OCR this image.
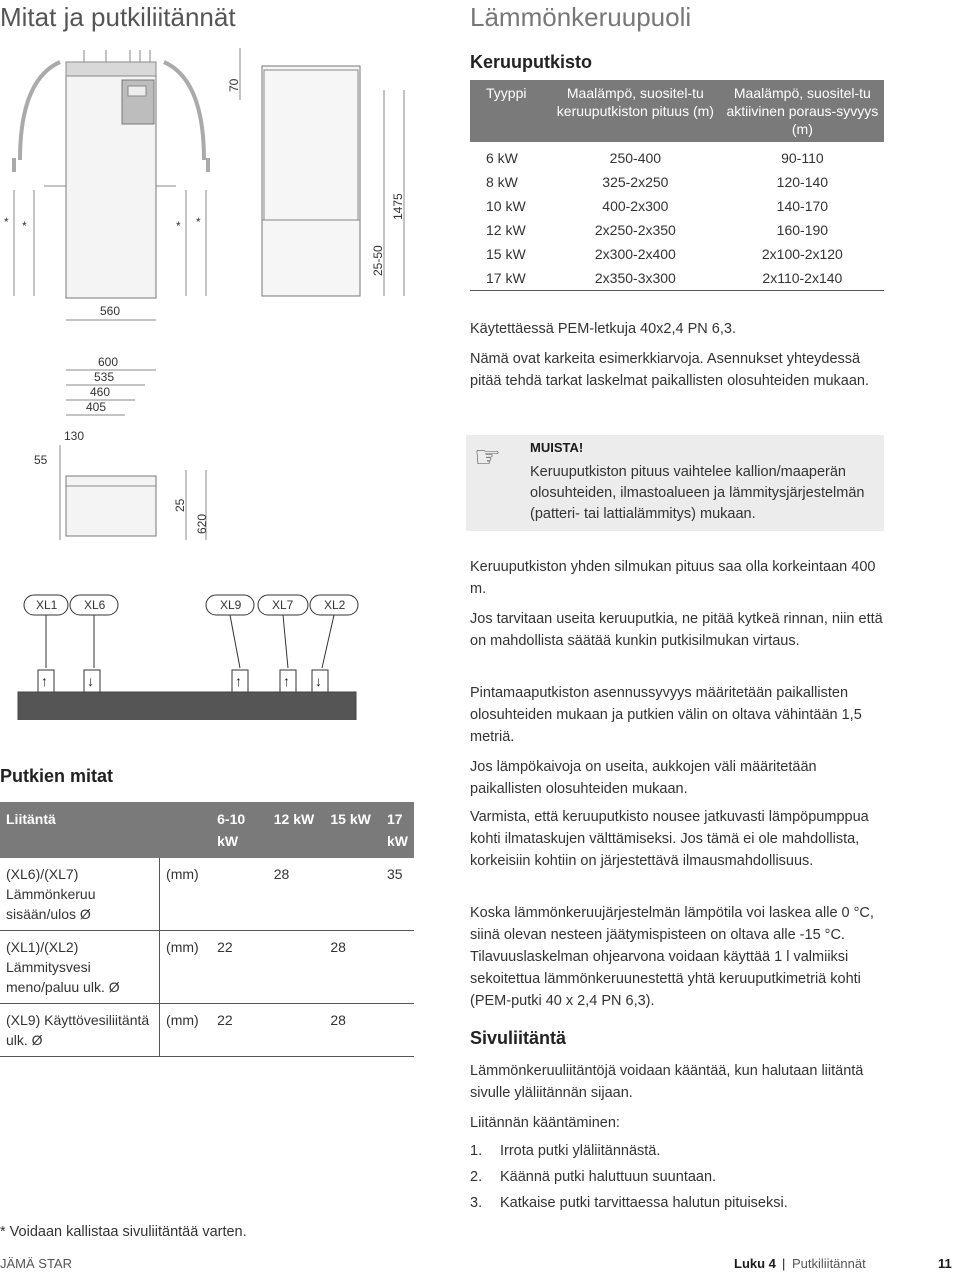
Mitat ja putkiliitännät	Lämmönkeruupuoli
70
1475
25-50
560
600
535
460
405
130
55
25
620
* *	* *
XL1 XL6	XL9	XL7	XL2
↑	↓	↑	↑ ↓
Keruuputkisto
Tyyppi	Maalämpö, suositel-tu keruuputkiston pituus (m)	Maalämpö, suositel-tu aktiivinen poraus-syvyys (m)
6 kW	250-400	90-110
8 kW	325-2x250	120-140
10 kW	400-2x300	140-170
12 kW	2x250-2x350	160-190
15 kW	2x300-2x400	2x100-2x120
17 kW	2x350-3x300	2x110-2x140
Käytettäessä PEM-letkuja 40x2,4 PN 6,3.
Nämä ovat karkeita esimerkkiarvoja. Asennukset yhteydessä pitää tehdä tarkat laskelmat paikallisten olosuhteiden mukaan.
☞ MUISTA!
Keruuputkiston pituus vaihtelee kallion/maaperän olosuhteiden, ilmastoalueen ja lämmitysjärjestelmän (patteri- tai lattialämmitys) mukaan.
Keruuputkiston yhden silmukan pituus saa olla korkeintaan 400 m.
Jos tarvitaan useita keruuputkia, ne pitää kytkeä rinnan, niin että on mahdollista säätää kunkin putkisilmukan virtaus.
Pintamaaputkiston asennussyvyys määritetään paikallisten olosuhteiden mukaan ja putkien välin on oltava vähintään 1,5 metriä.
Jos lämpökaivoja on useita, aukkojen väli määritetään paikallisten olosuhteiden mukaan.
Varmista, että keruuputkisto nousee jatkuvasti lämpöpumppua kohti ilmataskujen välttämiseksi. Jos tämä ei ole mahdollista, korkeisiin kohtiin on järjestettävä ilmausmahdollisuus.
Koska lämmönkeruujärjestelmän lämpötila voi laskea alle 0 °C, siinä olevan nesteen jäätymispisteen on oltava alle -15 °C. Tilavuuslaskelman ohjearvona voidaan käyttää 1 l valmiiksi sekoitettua lämmönkeruunestettä yhtä keruuputkimetriä kohti (PEM-putki 40 x 2,4 PN 6,3).
Sivuliitäntä
Lämmönkeruuliitäntöjä voidaan kääntää, kun halutaan liitäntä sivulle yläliitännän sijaan.
Liitännän kääntäminen:
1. Irrota putki yläliitännästä.
2. Käännä putki haluttuun suuntaan.
3. Katkaise putki tarvittaessa halutun pituiseksi.
Putkien mitat
Liitäntä		6-10 kW	12 kW	15 kW	17 kW
(XL6)/(XL7) Lämmönkeruu sisään/ulos Ø	(mm)		28		35
(XL1)/(XL2) Lämmitysvesi meno/paluu ulk. Ø	(mm)	22		28	
(XL9) Käyttövesiliitäntä ulk. Ø	(mm)	22		28	
* Voidaan kallistaa sivuliitäntää varten.
JÄMÄ STAR	Luku 4 | Putkiliitännät	11
